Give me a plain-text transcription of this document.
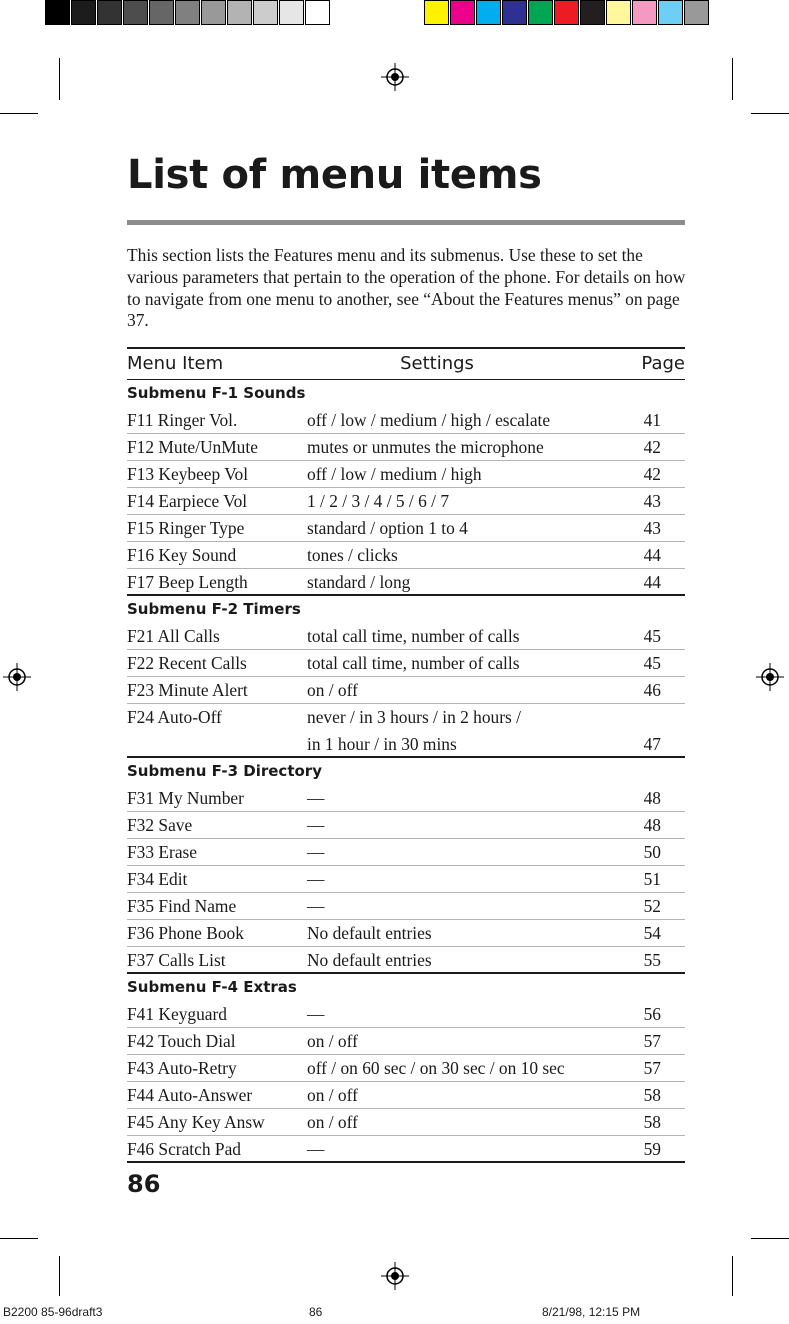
List of menu items

This section lists the Features menu and its submenus. Use these to set the various parameters that pertain to the operation of the phone. For details on how to navigate from one menu to another, see “About the Features menus” on page 37.

Menu Item	Settings	Page
Submenu F-1 Sounds
F11 Ringer Vol.	off / low / medium / high / escalate	41
F12 Mute/UnMute	mutes or unmutes the microphone	42
F13 Keybeep Vol	off / low / medium / high	42
F14 Earpiece Vol	1 / 2 / 3 / 4 / 5 / 6 / 7	43
F15 Ringer Type	standard / option 1 to 4	43
F16 Key Sound	tones / clicks	44
F17 Beep Length	standard / long	44
Submenu F-2 Timers
F21 All Calls	total call time, number of calls	45
F22 Recent Calls	total call time, number of calls	45
F23 Minute Alert	on / off	46
F24 Auto-Off	never / in 3 hours / in 2 hours /
in 1 hour / in 30 mins	47
Submenu F-3 Directory
F31 My Number	—	48
F32 Save	—	48
F33 Erase	—	50
F34 Edit	—	51
F35 Find Name	—	52
F36 Phone Book	No default entries	54
F37 Calls List	No default entries	55
Submenu F-4 Extras
F41 Keyguard	—	56
F42 Touch Dial	on / off	57
F43 Auto-Retry	off / on 60 sec / on 30 sec / on 10 sec	57
F44 Auto-Answer	on / off	58
F45 Any Key Answ on / off	58
F46 Scratch Pad	—	59

86

B2200 85-96draft3	86	8/21/98, 12:15 PM
